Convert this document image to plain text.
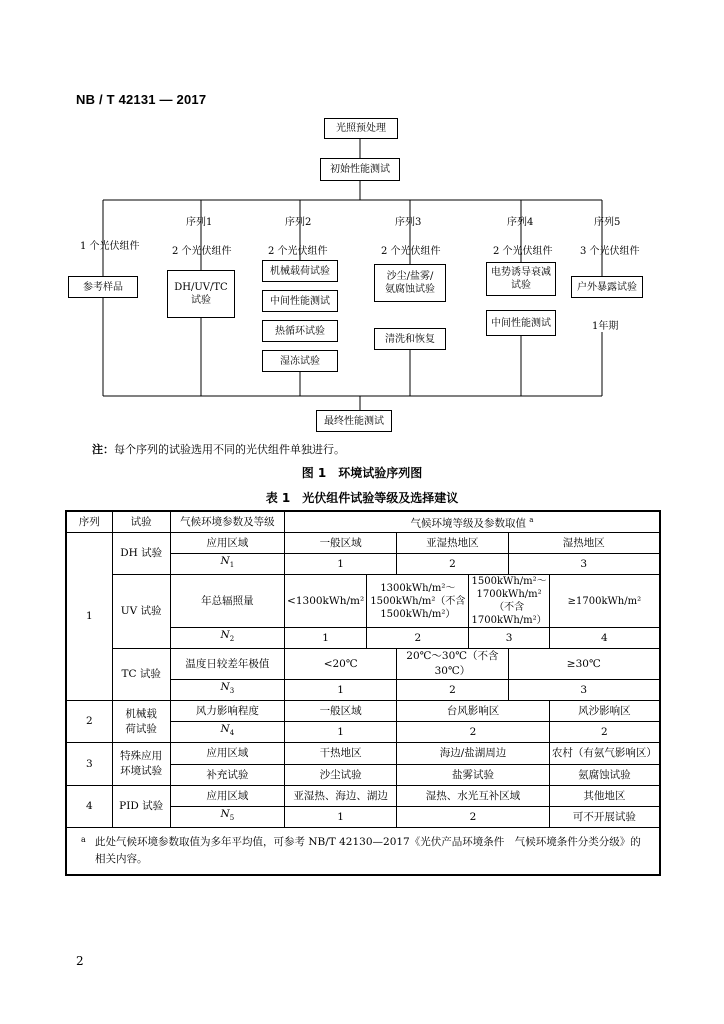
NB / T 42131 — 2017
光照预处理
初始性能测试
序列1	序列2	序列3	序列4	序列5
1 个光伏组件	2 个光伏组件	2 个光伏组件	2 个光伏组件	2 个光伏组件	3 个光伏组件
参考样品	DH/UV/TC
试验
机械载荷试验
中间性能测试
热循环试验
湿冻试验
沙尘/盐雾/
氨腐蚀试验
清洗和恢复
电势诱导衰减
试验
中间性能测试
户外暴露试验
1年期
最终性能测试
注：每个序列的试验选用不同的光伏组件单独进行。
图 1　环境试验序列图
表 1　光伏组件试验等级及选择建议
序列	试验	气候环境参数及等级	气候环境等级及参数取值 $^a$
1	DH 试验	应用区域	一般区域		亚湿热地区		湿热地区	
		$N_1$	1		2		3	
	UV 试验	年总辐照量	<1300kWh/m²	1300kWh/m²～1500kWh/m²（不含1500kWh/m²）		1500kWh/m²～1700kWh/m²（不含1700kWh/m²）		≥1700kWh/m²
		$N_2$	1	2		3		4
	TC 试验	温度日较差年极值	<20℃		20℃～30℃（不含 30℃）		≥30℃	
		$N_3$	1		2		3	
2	机械载荷试验	风力影响程度	一般区域		台风影响区			风沙影响区
		$N_4$	1		2			2
3	特殊应用环境试验	应用区域	干热地区		海边/盐湖周边			农村（有氨气影响区）
		补充试验	沙尘试验		盐雾试验			氨腐蚀试验
4	PID 试验	应用区域	亚湿热、海边、湖边		湿热、水光互补区域			其他地区
		$N_5$	1		2			可不开展试验

a 此处气候环境参数取值为多年平均值，可参考 NB/T 42130—2017《光伏产品环境条件　气候环境条件分类分级》的相关内容。								
2
